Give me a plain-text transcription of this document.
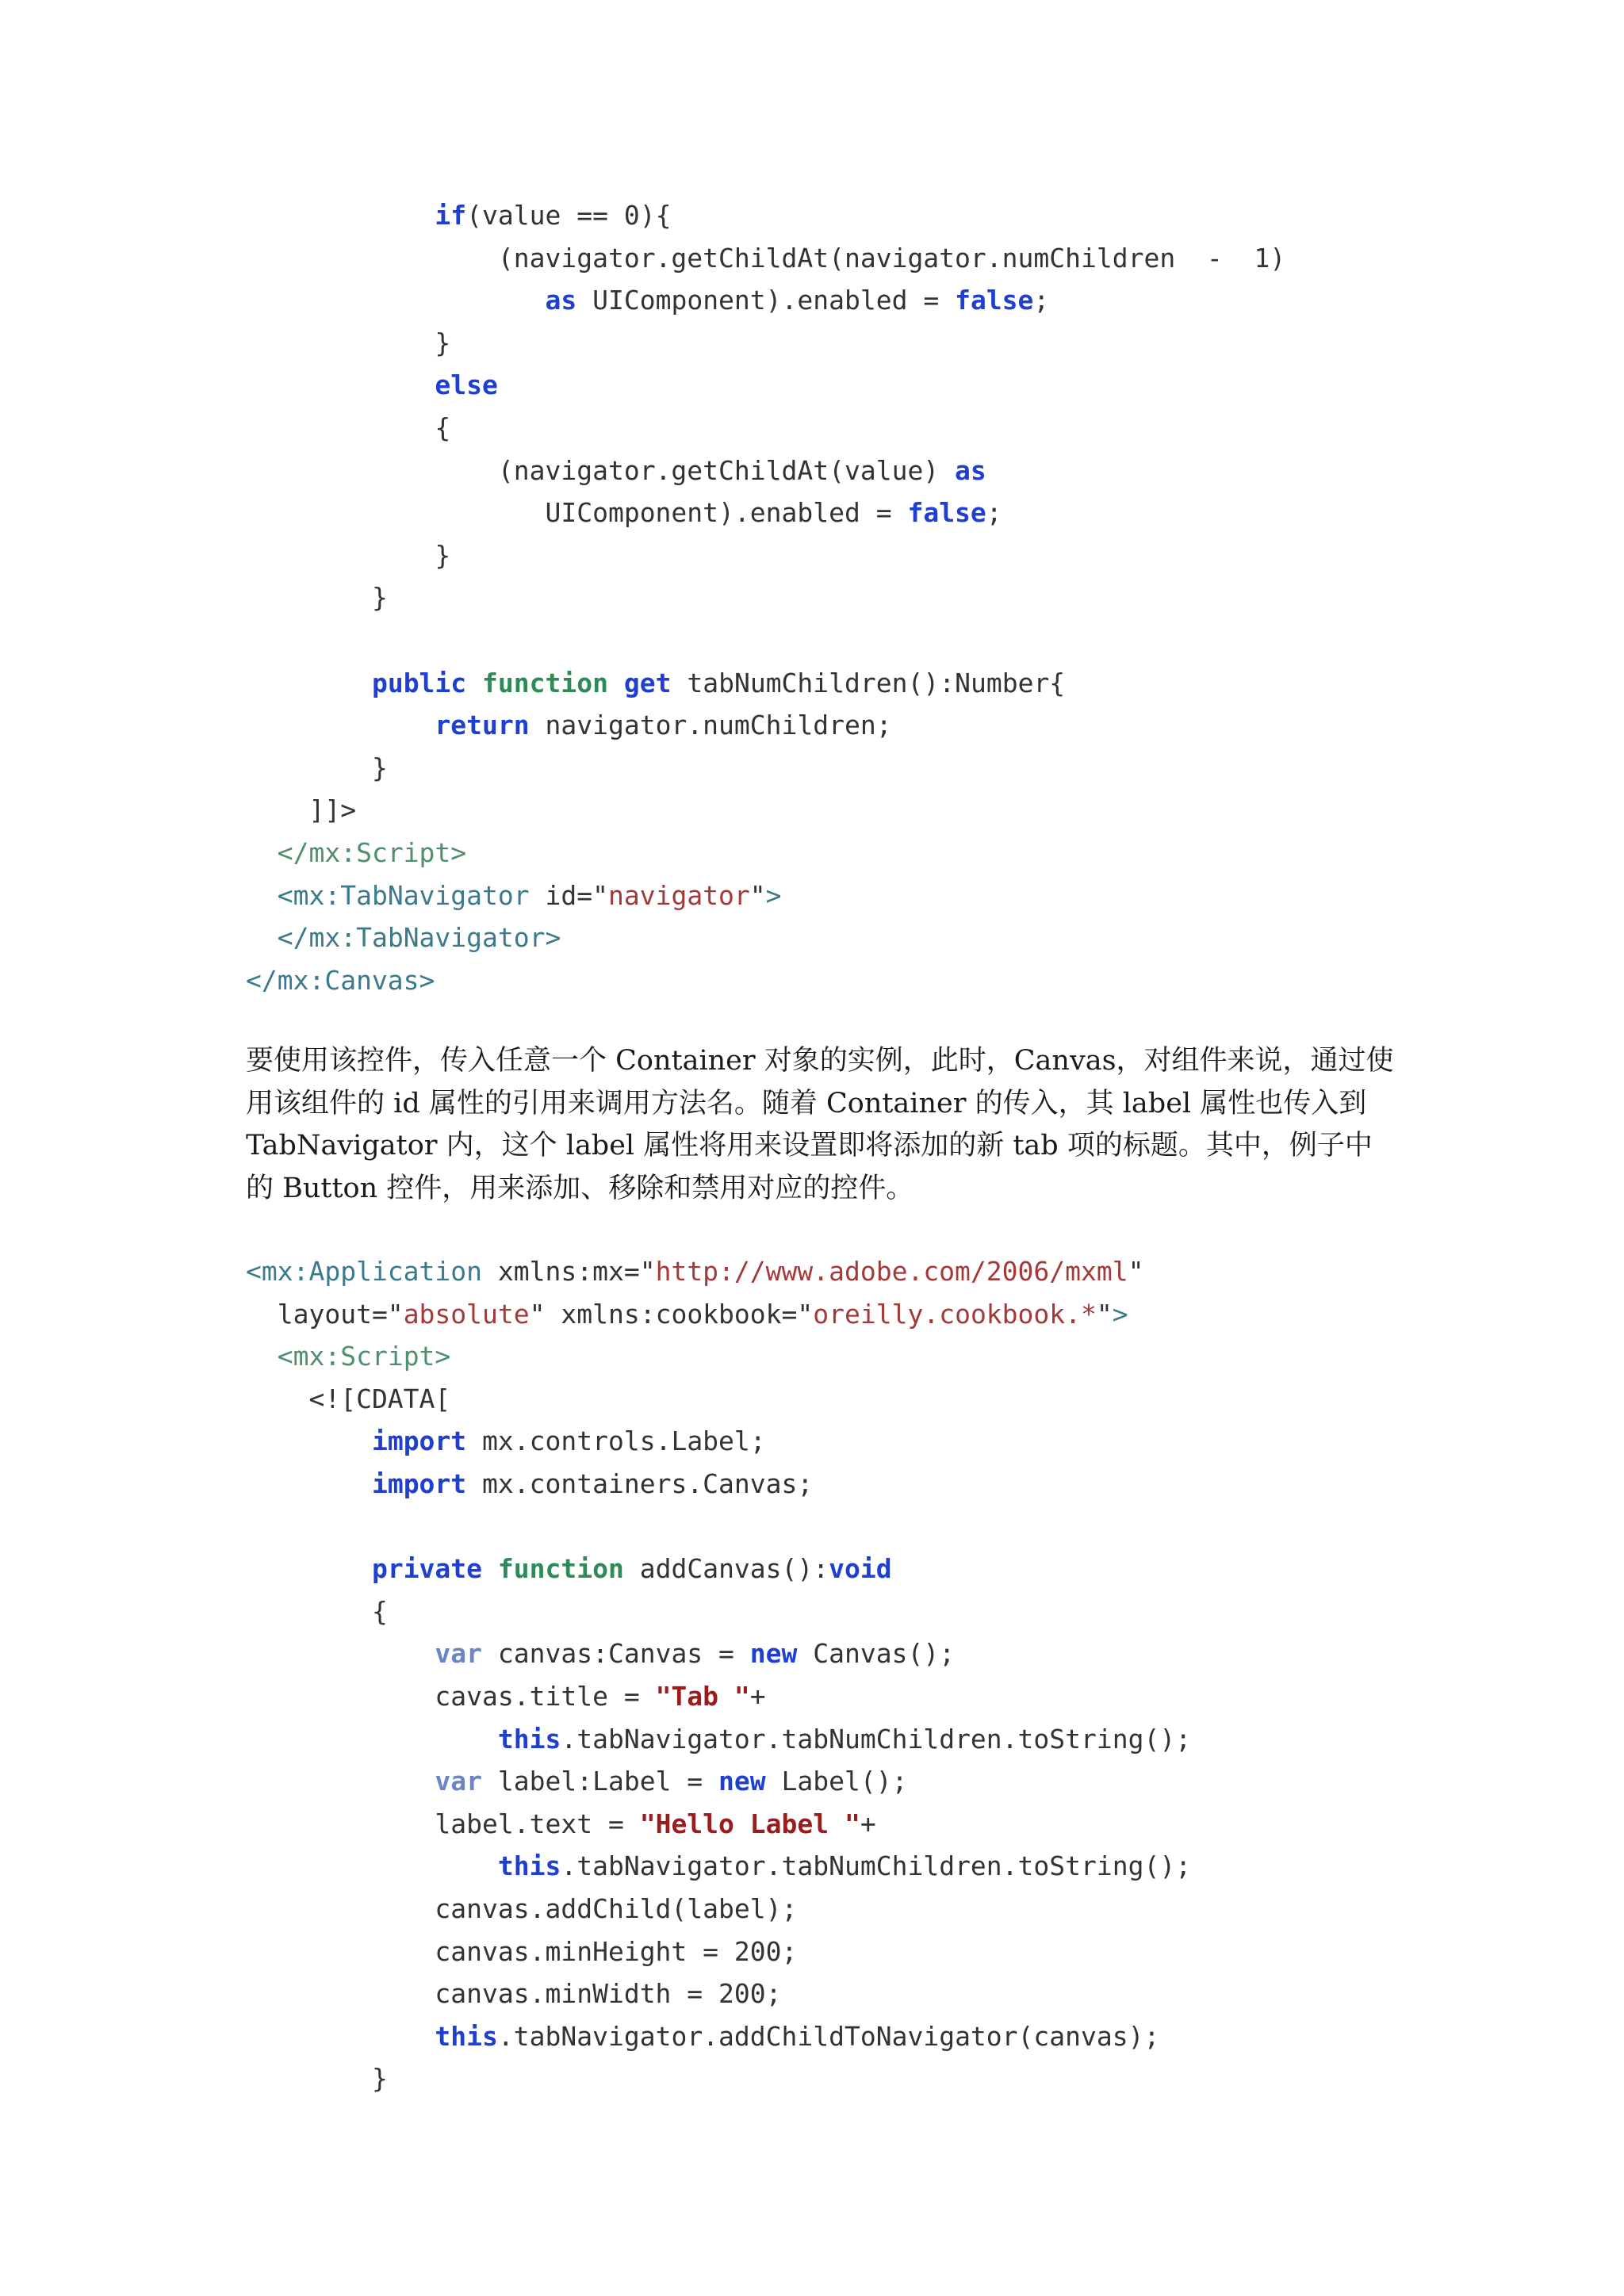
if(value == 0){
(navigator.getChildAt(navigator.numChildren  -  1)
as UIComponent).enabled = false;
}
else
{
(navigator.getChildAt(value) as
UIComponent).enabled = false;
}
}

public function get tabNumChildren():Number{
return navigator.numChildren;
}
]]>
</mx:Script>
<mx:TabNavigator id="navigator">
</mx:TabNavigator>
</mx:Canvas>
要使用该控件，传入任意一个 Container 对象的实例，此时，Canvas，对组件来说，通过使
用该组件的 id 属性的引用来调用方法名。随着 Container 的传入，其 label 属性也传入到
TabNavigator 内，这个 label 属性将用来设置即将添加的新 tab 项的标题。其中，例子中
的 Button 控件，用来添加、移除和禁用对应的控件。
<mx:Application xmlns:mx="http://www.adobe.com/2006/mxml"
layout="absolute" xmlns:cookbook="oreilly.cookbook.*">
<mx:Script>
<![CDATA[
import mx.controls.Label;
import mx.containers.Canvas;

private function addCanvas():void
{
var canvas:Canvas = new Canvas();
cavas.title = "Tab "+
this.tabNavigator.tabNumChildren.toString();
var label:Label = new Label();
label.text = "Hello Label "+
this.tabNavigator.tabNumChildren.toString();
canvas.addChild(label);
canvas.minHeight = 200;
canvas.minWidth = 200;
this.tabNavigator.addChildToNavigator(canvas);
}
